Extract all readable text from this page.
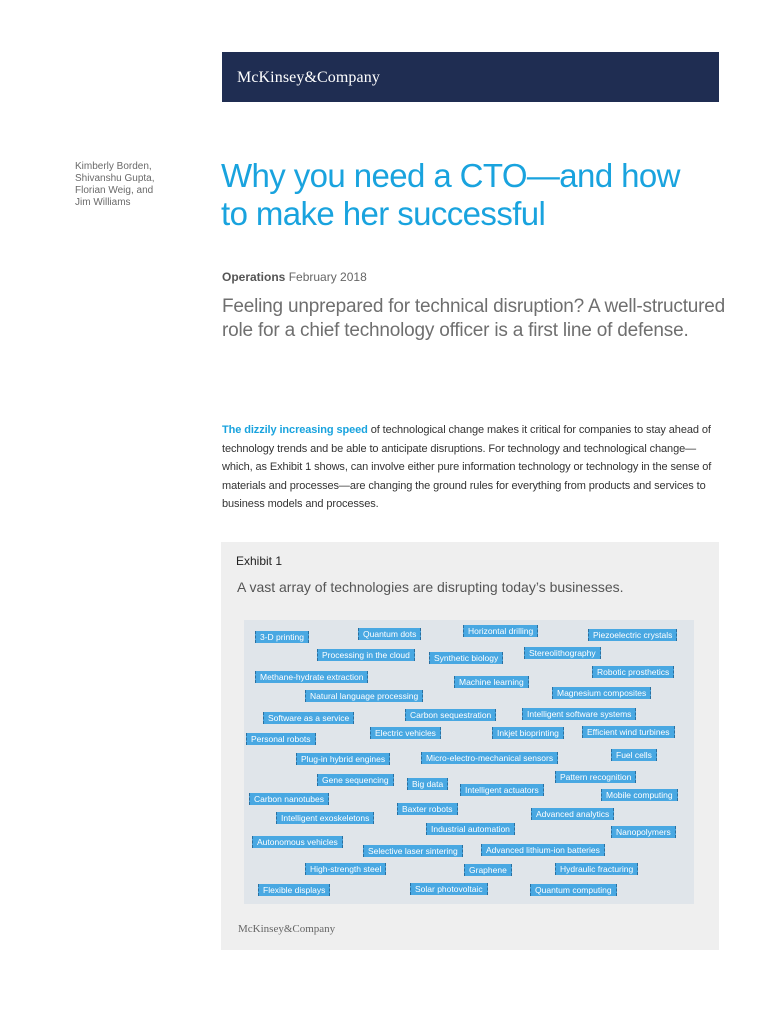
McKinsey&Company
Kimberly Borden,
Shivanshu Gupta,
Florian Weig, and
Jim Williams
Why you need a CTO—and how to make her successful
Operations February 2018

Feeling unprepared for technical disruption? A well-structured role for a chief technology officer is a first line of defense.

The dizzily increasing speed of technological change makes it critical for companies to stay ahead of technology trends and be able to anticipate disruptions. For technology and technological change—which, as Exhibit 1 shows, can involve either pure information technology or technology in the sense of materials and processes—are changing the ground rules for everything from products and services to business models and processes.

Exhibit 1
A vast array of technologies are disrupting today’s businesses.
3-D printing	Quantum dots	Horizontal drilling	Piezoelectric crystals
Processing in the cloud	Synthetic biology	Stereolithography
Robotic prosthetics
Methane-hydrate extraction	Machine learning
Magnesium composites
Natural language processing
Software as a service	Carbon sequestration	Intelligent software systems
Electric vehicles	Inkjet bioprinting	Efficient wind turbines
Personal robots
Plug-in hybrid engines	Micro-electro-mechanical sensors	Fuel cells
Gene sequencing	Big data
Intelligent actuators
Pattern recognition
Mobile computing
Carbon nanotubes
Baxter robots	Advanced analytics
Intelligent exoskeletons
Industrial automation	Nanopolymers
Autonomous vehicles
Selective laser sintering	Advanced lithium-ion batteries
High-strength steel	Graphene	Hydraulic fracturing
Flexible displays	Solar photovoltaic	Quantum computing
McKinsey&Company
